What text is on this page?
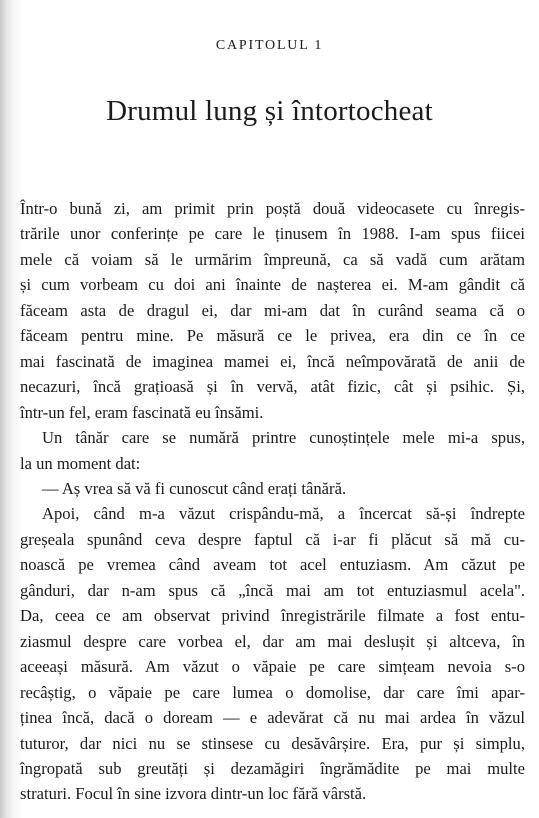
CAPITOLUL 1
Drumul lung și întortocheat
Într-o bună zi, am primit prin poștă două videocasete cu înregis-
trările unor conferințe pe care le ținusem în 1988. I-am spus fiicei
mele că voiam să le urmărim împreună, ca să vadă cum arătam
și cum vorbeam cu doi ani înainte de nașterea ei. M-am gândit că
făceam asta de dragul ei, dar mi-am dat în curând seama că o
făceam pentru mine. Pe măsură ce le privea, era din ce în ce
mai fascinată de imaginea mamei ei, încă neîmpovărată de anii de
necazuri, încă grațioasă și în vervă, atât fizic, cât și psihic. Și,
într-un fel, eram fascinată eu însămi.
Un tânăr care se numără printre cunoștințele mele mi-a spus,
la un moment dat:
— Aș vrea să vă fi cunoscut când erați tânără.
Apoi, când m-a văzut crispându-mă, a încercat să-și îndrepte
greșeala spunând ceva despre faptul că i-ar fi plăcut să mă cu-
noască pe vremea când aveam tot acel entuziasm. Am căzut pe
gânduri, dar n-am spus că „încă mai am tot entuziasmul acela".
Da, ceea ce am observat privind înregistrările filmate a fost entu-
ziasmul despre care vorbea el, dar am mai deslușit și altceva, în
aceeași măsură. Am văzut o văpaie pe care simțeam nevoia s-o
recâștig, o văpaie pe care lumea o domolise, dar care îmi apar-
ținea încă, dacă o doream — e adevărat că nu mai ardea în văzul
tuturor, dar nici nu se stinsese cu desăvârșire. Era, pur și simplu,
îngropată sub greutăți și dezamăgiri îngrămădite pe mai multe
straturi. Focul în sine izvora dintr-un loc fără vârstă.
